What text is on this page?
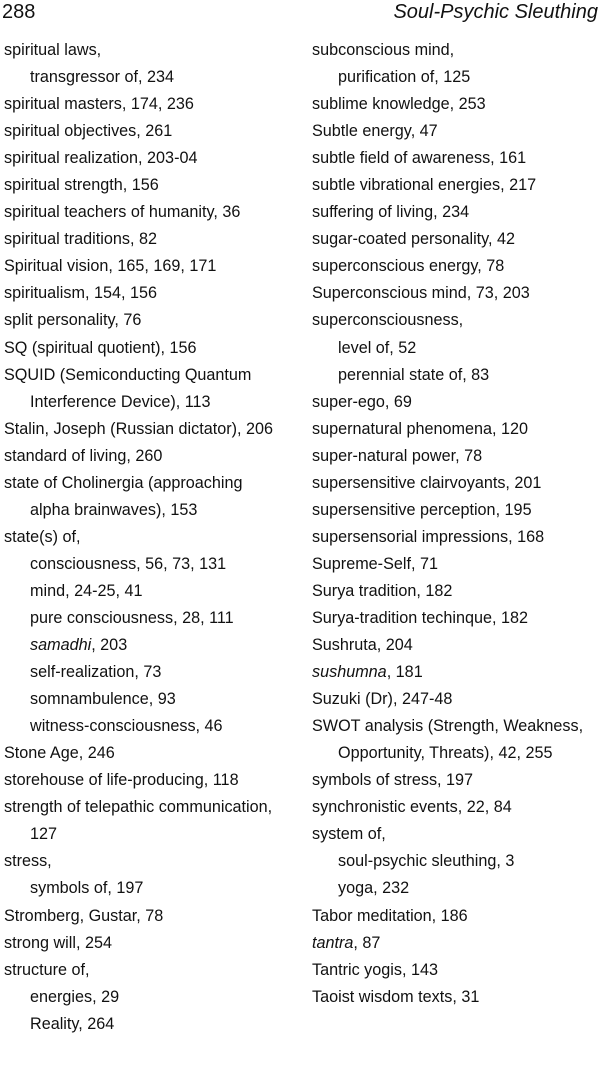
288	Soul-Psychic Sleuthing
spiritual laws,
transgressor of, 234
spiritual masters, 174, 236
spiritual objectives, 261
spiritual realization, 203-04
spiritual strength, 156
spiritual teachers of humanity, 36
spiritual traditions, 82
Spiritual vision, 165, 169, 171
spiritualism, 154, 156
split personality, 76
SQ (spiritual quotient), 156
SQUID (Semiconducting Quantum
Interference Device), 113
Stalin, Joseph (Russian dictator), 206
standard of living, 260
state of Cholinergia (approaching
alpha brainwaves), 153
state(s) of,
consciousness, 56, 73, 131
mind, 24-25, 41
pure consciousness, 28, 111
samadhi, 203
self-realization, 73
somnambulence, 93
witness-consciousness, 46
Stone Age, 246
storehouse of life-producing, 118
strength of telepathic communication,
127
stress,
symbols of, 197
Stromberg, Gustar, 78
strong will, 254
structure of,
energies, 29
Reality, 264
subconscious mind,
purification of, 125
sublime knowledge, 253
Subtle energy, 47
subtle field of awareness, 161
subtle vibrational energies, 217
suffering of living, 234
sugar-coated personality, 42
superconscious energy, 78
Superconscious mind, 73, 203
superconsciousness,
level of, 52
perennial state of, 83
super-ego, 69
supernatural phenomena, 120
super-natural power, 78
supersensitive clairvoyants, 201
supersensitive perception, 195
supersensorial impressions, 168
Supreme-Self, 71
Surya tradition, 182
Surya-tradition techinque, 182
Sushruta, 204
sushumna, 181
Suzuki (Dr), 247-48
SWOT analysis (Strength, Weakness,
Opportunity, Threats), 42, 255
symbols of stress, 197
synchronistic events, 22, 84
system of,
soul-psychic sleuthing, 3
yoga, 232
Tabor meditation, 186
tantra, 87
Tantric yogis, 143
Taoist wisdom texts, 31
